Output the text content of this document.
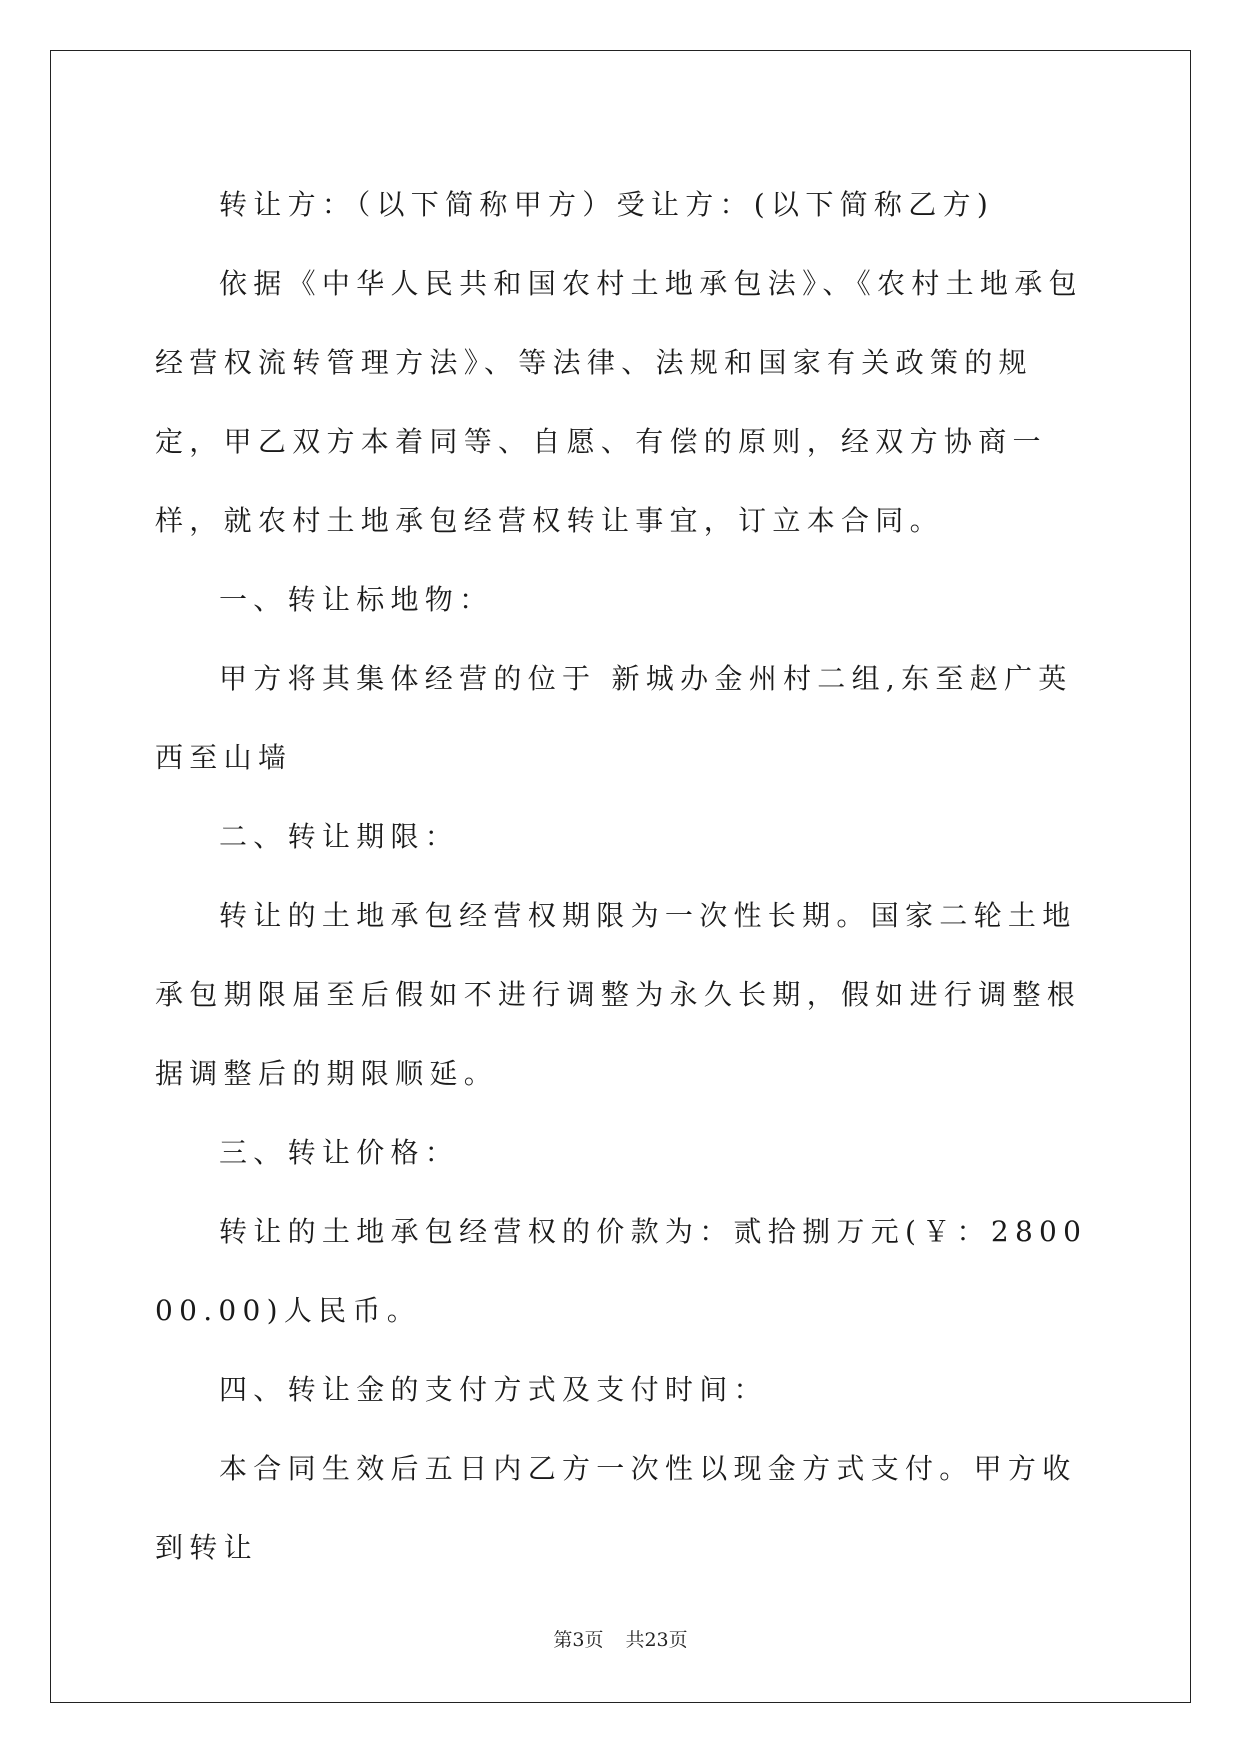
转让方：（以下简称甲方）受让方：(以下简称乙方)

依据《中华人民共和国农村土地承包法》、《农村土地承包经营权流转管理方法》、等法律、法规和国家有关政策的规定，甲乙双方本着同等、自愿、有偿的原则，经双方协商一样，就农村土地承包经营权转让事宜，订立本合同。

一、转让标地物：

甲方将其集体经营的位于 新城办金州村二组,东至赵广英西至山墙

二、转让期限：

转让的土地承包经营权期限为一次性长期。国家二轮土地承包期限届至后假如不进行调整为永久长期，假如进行调整根据调整后的期限顺延。

三、转让价格：

转让的土地承包经营权的价款为：贰拾捌万元(￥：280000.00)人民币。

四、转让金的支付方式及支付时间：

本合同生效后五日内乙方一次性以现金方式支付。甲方收到转让

第3页 共23页
